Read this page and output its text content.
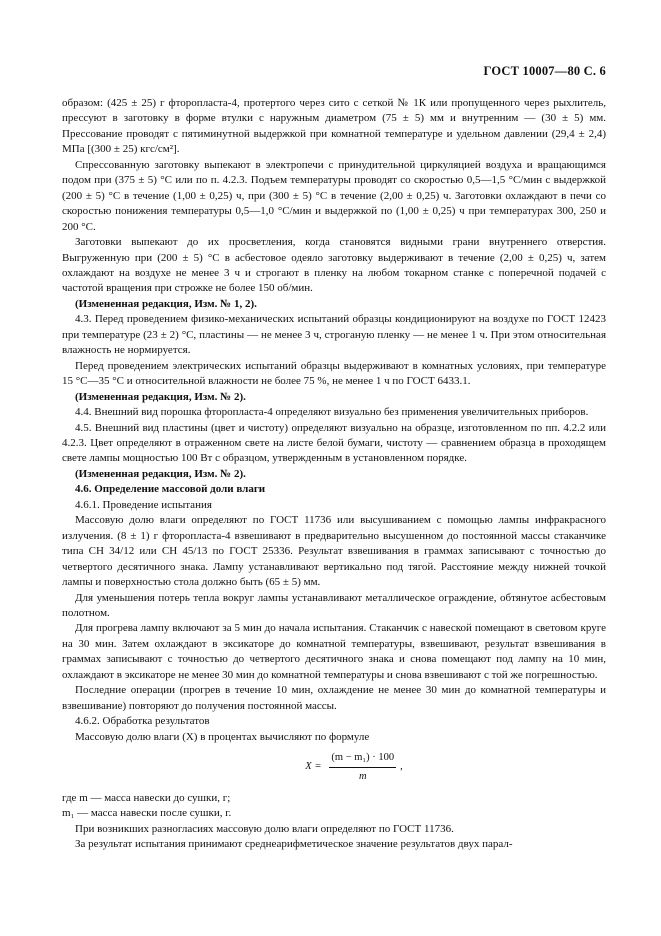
ГОСТ 10007—80 С. 6

образом: (425 ± 25) г фторопласта-4, протертого через сито с сеткой № 1К или пропущенного через рыхлитель, прессуют в заготовку в форме втулки с наружным диаметром (75 ± 5) мм и внутренним — (30 ± 5) мм. Прессование проводят с пятиминутной выдержкой при комнатной температуре и удельном давлении (29,4 ± 2,4) МПа [(300 ± 25) кгс/см²].

Спрессованную заготовку выпекают в электропечи с принудительной циркуляцией воздуха и вращающимся подом при (375 ± 5) °С или по п. 4.2.3. Подъем температуры проводят со скоростью 0,5—1,5 °С/мин с выдержкой (200 ± 5) °С в течение (1,00 ± 0,25) ч, при (300 ± 5) °С в течение (2,00 ± 0,25) ч. Заготовки охлаждают в печи со скоростью понижения температуры 0,5—1,0 °С/мин и выдержкой по (1,00 ± 0,25) ч при температурах 300, 250 и 200 °С.

Заготовки выпекают до их просветления, когда становятся видными грани внутреннего отверстия. Выгруженную при (200 ± 5) °С в асбестовое одеяло заготовку выдерживают в течение (2,00 ± 0,25) ч, затем охлаждают на воздухе не менее 3 ч и строгают в пленку на любом токарном станке с поперечной подачей с частотой вращения при строжке не более 150 об/мин.

(Измененная редакция, Изм. № 1, 2).

4.3. Перед проведением физико-механических испытаний образцы кондиционируют на воздухе по ГОСТ 12423 при температуре (23 ± 2) °С, пластины — не менее 3 ч, строганую пленку — не менее 1 ч. При этом относительная влажность не нормируется.

Перед проведением электрических испытаний образцы выдерживают в комнатных условиях, при температуре 15 °С—35 °С и относительной влажности не более 75 %, не менее 1 ч по ГОСТ 6433.1.

(Измененная редакция, Изм. № 2).

4.4. Внешний вид порошка фторопласта-4 определяют визуально без применения увеличительных приборов.

4.5. Внешний вид пластины (цвет и чистоту) определяют визуально на образце, изготовленном по пп. 4.2.2 или 4.2.3. Цвет определяют в отраженном свете на листе белой бумаги, чистоту — сравнением образца в проходящем свете лампы мощностью 100 Вт с образцом, утвержденным в установленном порядке.

(Измененная редакция, Изм. № 2).

4.6. Определение массовой доли влаги

4.6.1. Проведение испытания

Массовую долю влаги определяют по ГОСТ 11736 или высушиванием с помощью лампы инфракрасного излучения. (8 ± 1) г фторопласта-4 взвешивают в предварительно высушенном до постоянной массы стаканчике типа СН 34/12 или СН 45/13 по ГОСТ 25336. Результат взвешивания в граммах записывают с точностью до четвертого десятичного знака. Лампу устанавливают вертикально под тягой. Расстояние между нижней точкой лампы и поверхностью стола должно быть (65 ± 5) мм.

Для уменьшения потерь тепла вокруг лампы устанавливают металлическое ограждение, обтянутое асбестовым полотном.

Для прогрева лампу включают за 5 мин до начала испытания. Стаканчик с навеской помещают в световом круге на 30 мин. Затем охлаждают в эксикаторе до комнатной температуры, взвешивают, результат взвешивания в граммах записывают с точностью до четвертого десятичного знака и снова помещают под лампу на 10 мин, охлаждают в эксикаторе не менее 30 мин до комнатной температуры и снова взвешивают с той же погрешностью.

Последние операции (прогрев в течение 10 мин, охлаждение не менее 30 мин до комнатной температуры и взвешивание) повторяют до получения постоянной массы.

4.6.2. Обработка результатов

Массовую долю влаги (X) в процентах вычисляют по формуле

$X = \frac{\text{(m − m₁) · 100}}{m}$ ,

где m — масса навески до сушки, г;

m₁ — масса навески после сушки, г.

При возникших разногласиях массовую долю влаги определяют по ГОСТ 11736.

За результат испытания принимают среднеарифметическое значение результатов двух парал-
